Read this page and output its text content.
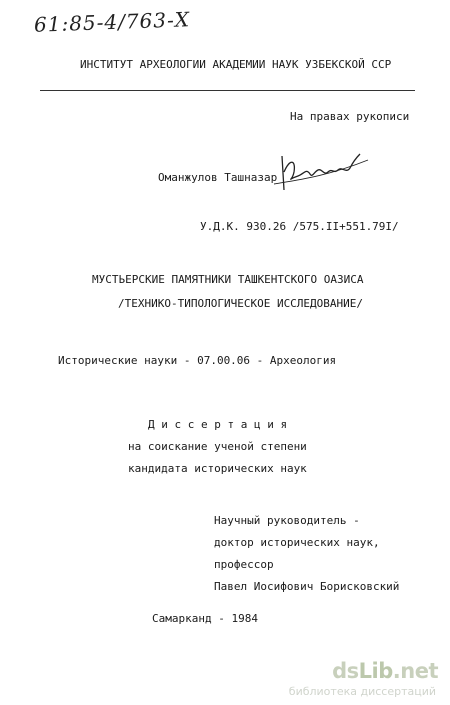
61:85-4/763-Х
ИНСТИТУТ АРХЕОЛОГИИ АКАДЕМИИ НАУК УЗБЕКСКОЙ ССР
На правах рукописи
Оманжулов Ташназар
У.Д.К. 930.26 /575.II+551.79I/
МУСТЬЕРСКИЕ ПАМЯТНИКИ ТАШКЕНТСКОГО ОАЗИСА
/ТЕХНИКО-ТИПОЛОГИЧЕСКОЕ ИССЛЕДОВАНИЕ/
Исторические науки - 07.00.06 - Археология
Д и с с е р т а ц и я
на соискание ученой степени
кандидата исторических наук
Научный руководитель -
доктор исторических наук,
профессор
Павел Иосифович Борисковский
Самарканд - 1984
dsLib.net
библиотека диссертаций
